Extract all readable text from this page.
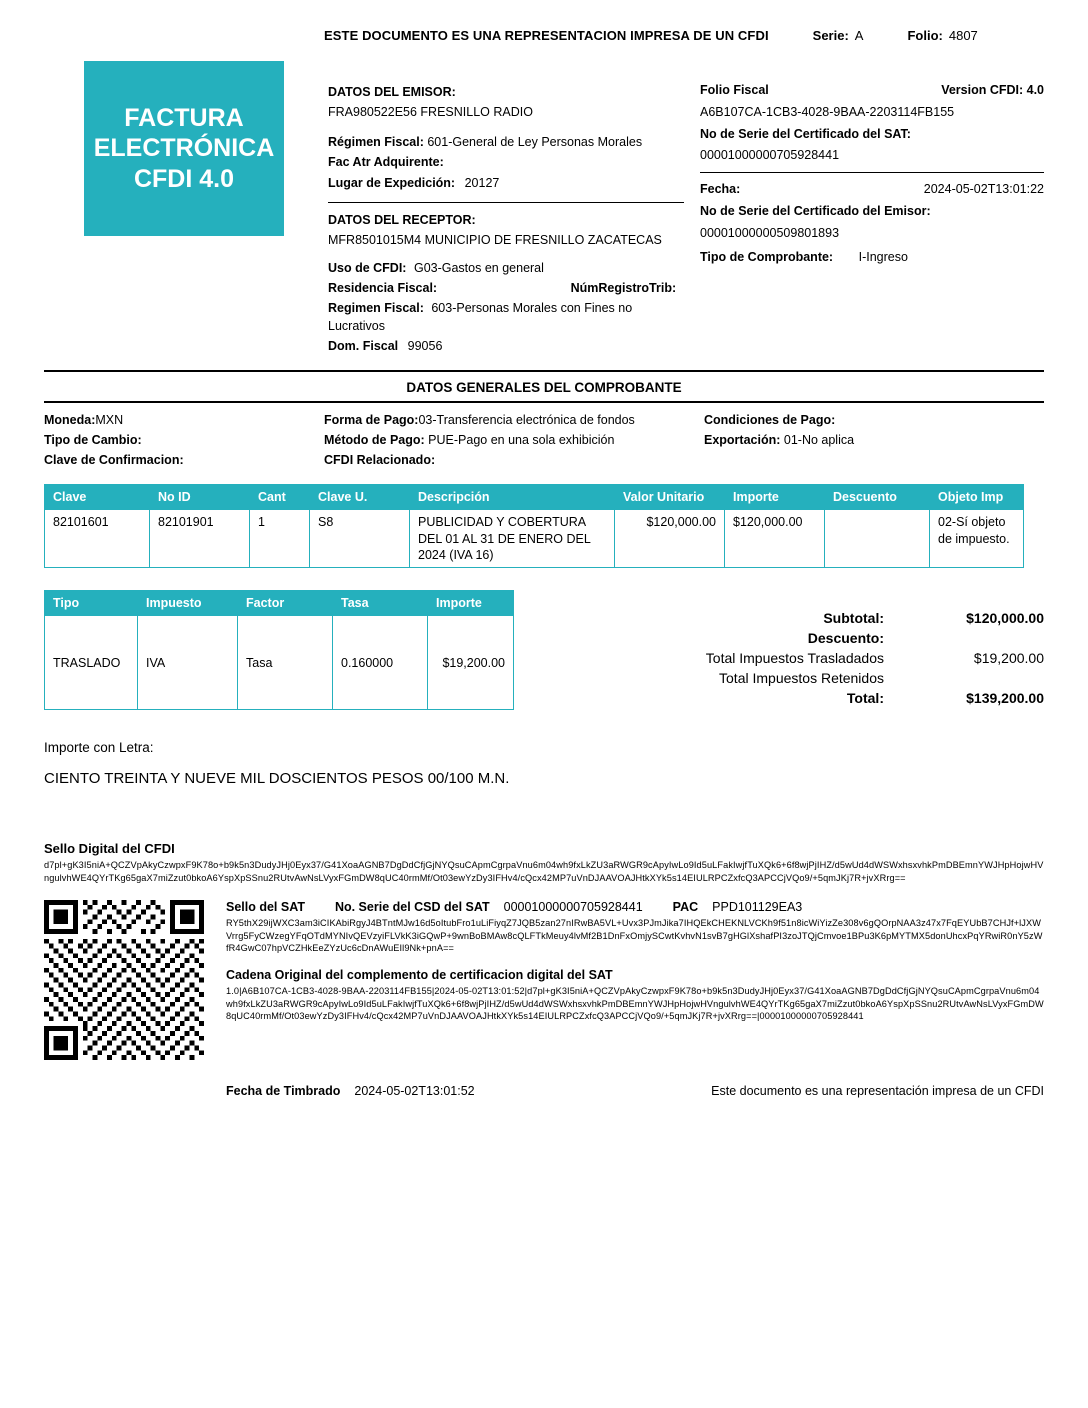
ESTE DOCUMENTO ES UNA REPRESENTACION IMPRESA DE UN CFDI	Serie: A	Folio: 4807
FACTURA
ELECTRÓNICA
CFDI 4.0
DATOS DEL EMISOR:
FRA980522E56 FRESNILLO RADIO
Régimen Fiscal: 601-General de Ley Personas Morales
Fac Atr Adquirente:
Lugar de Expedición: 20127
DATOS DEL RECEPTOR:
MFR8501015M4 MUNICIPIO DE FRESNILLO ZACATECAS
Uso de CFDI: G03-Gastos en general
Residencia Fiscal:	NúmRegistroTrib:
Regimen Fiscal: 603-Personas Morales con Fines no Lucrativos
Dom. Fiscal 99056
Folio Fiscal	Version CFDI: 4.0
A6B107CA-1CB3-4028-9BAA-2203114FB155
No de Serie del Certificado del SAT:
00001000000705928441
Fecha:	2024-05-02T13:01:22
No de Serie del Certificado del Emisor:
00001000000509801893
Tipo de Comprobante: I-Ingreso
DATOS GENERALES DEL COMPROBANTE
Moneda:MXN
Tipo de Cambio:
Clave de Confirmacion:
Forma de Pago:03-Transferencia electrónica de fondos
Método de Pago: PUE-Pago en una sola exhibición
CFDI Relacionado:
Condiciones de Pago:
Exportación: 01-No aplica
Clave	No ID	Cant	Clave U.	Descripción	Valor Unitario	Importe	Descuento	Objeto Imp
82101601	82101901	1	S8	PUBLICIDAD Y COBERTURA DEL 01 AL 31 DE ENERO DEL 2024 (IVA 16)	$120,000.00	$120,000.00		02-Sí objeto de impuesto.
Tipo	Impuesto	Factor	Tasa	Importe
TRASLADO	IVA	Tasa	0.160000	$19,200.00
Subtotal:	$120,000.00
Descuento:
Total Impuestos Trasladados	$19,200.00
Total Impuestos Retenidos
Total:	$139,200.00
Importe con Letra:
CIENTO TREINTA Y NUEVE MIL DOSCIENTOS PESOS 00/100 M.N.
Sello Digital del CFDI
d7pl+gK3I5niA+QCZVpAkyCzwpxF9K78o+b9k5n3DudyJHj0Eyx37/G41XoaAGNB7DgDdCfjGjNYQsuCApmCgrpaVnu6m04wh9fxLkZU3aRWGR9cApyIwLo9Id5uLFakIwjfTuXQk6+6f8wjPjIHZ/d5wUd4dWSWxhsxvhkPmDBEmnYWJHpHojwHVngulvhWE4QYrTKg65gaX7miZzut0bkoA6YspXpSSnu2RUtvAwNsLVyxFGmDW8qUC40rmMf/Ot03ewYzDy3IFHv4/cQcx42MP7uVnDJAAVOAJHtkXYk5s14EIULRPCZxfcQ3APCCjVQo9/+5qmJKj7R+jvXRrg==
Sello del SAT No. Serie del CSD del SAT 00001000000705928441 PAC PPD101129EA3
RY5thX29ijWXC3am3iCIKAbiRgyJ4BTntMJw16d5oItubFro1uLiFiyqZ7JQB5zan27nIRwBA5VL+Uvx3PJmJika7IHQEkCHEKNLVCKh9f51n8icWiYizZe308v6gQOrpNAA3z47x7FqEYUbB7CHJf+lJXWVrrg5FyCWzegYFqOTdMYNIvQEVzyiFLVkK3iGQwP+9wnBoBMAw8cQLFTkMeuy4lvMf2B1DnFxOmjySCwtKvhvN1svB7gHGlXshafPI3zoJTQjCmvoe1BPu3K6pMYTMX5donUhcxPqYRwiR0nY5zWfR4GwC07hpVCZHkEeZYzUc6cDnAWuEIl9Nk+pnA==
Cadena Original del complemento de certificacion digital del SAT
1.0|A6B107CA-1CB3-4028-9BAA-2203114FB155|2024-05-02T13:01:52|d7pl+gK3I5niA+QCZVpAkyCzwpxF9K78o+b9k5n3DudyJHj0Eyx37/G41XoaAGNB7DgDdCfjGjNYQsuCApmCgrpaVnu6m04wh9fxLkZU3aRWGR9cApyIwLo9Id5uLFakIwjfTuXQk6+6f8wjPjIHZ/d5wUd4dWSWxhsxvhkPmDBEmnYWJHpHojwHVngulvhWE4QYrTKg65gaX7miZzut0bkoA6YspXpSSnu2RUtvAwNsLVyxFGmDW8qUC40rmMf/Ot03ewYzDy3IFHv4/cQcx42MP7uVnDJAAVOAJHtkXYk5s14EIULRPCZxfcQ3APCCjVQo9/+5qmJKj7R+jvXRrg==|00001000000705928441
Fecha de Timbrado 2024-05-02T13:01:52	Este documento es una representación impresa de un CFDI
